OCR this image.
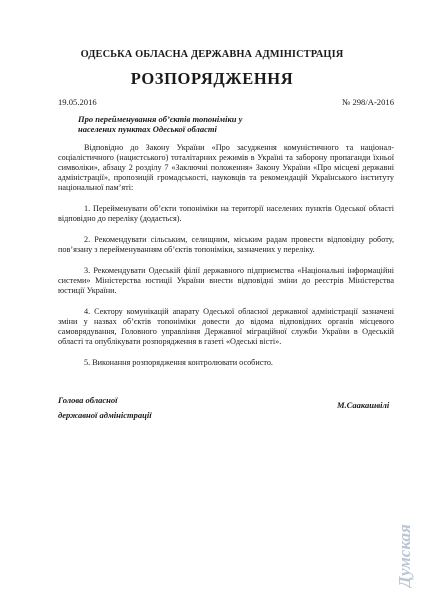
ОДЕСЬКА ОБЛАСНА ДЕРЖАВНА АДМІНІСТРАЦІЯ
РОЗПОРЯДЖЕННЯ
19.05.2016	№ 298/А-2016
Про перейменування об’єктів топоніміки у
населених пунктах Одеської області

Відповідно до Закону України «Про засудження комуністичного та націонал-соціалістичного (нацистського) тоталітарних режимів в Україні та заборону пропаганди їхньої символіки», абзацу 2 розділу 7 «Заключні положення» Закону України «Про місцеві державні адміністрації», пропозицій громадськості, науковців та рекомендацій Українського інституту національної пам’яті:

1. Перейменувати об’єкти топоніміки на території населених пунктів Одеської області відповідно до переліку (додається).

2. Рекомендувати сільським, селищним, міським радам провести відповідну роботу, пов’язану з перейменуванням об’єктів топоніміки, зазначених у переліку.

3. Рекомендувати Одеській філії державного підприємства «Національні інформаційні системи» Міністерства юстиції України внести відповідні зміни до реєстрів Міністерства юстиції України.

4. Сектору комунікацій апарату Одеської обласної державної адміністрації зазначені зміни у назвах об’єктів топоніміки довести до відома відповідних органів місцевого самоврядування, Головного управління Державної міграційної служби України в Одеській області та опублікувати розпорядження в газеті «Одеські вісті».

5. Виконання розпорядження контролювати особисто.

Голова обласної
державної адміністрації
М.Саакашвілі
Думская
